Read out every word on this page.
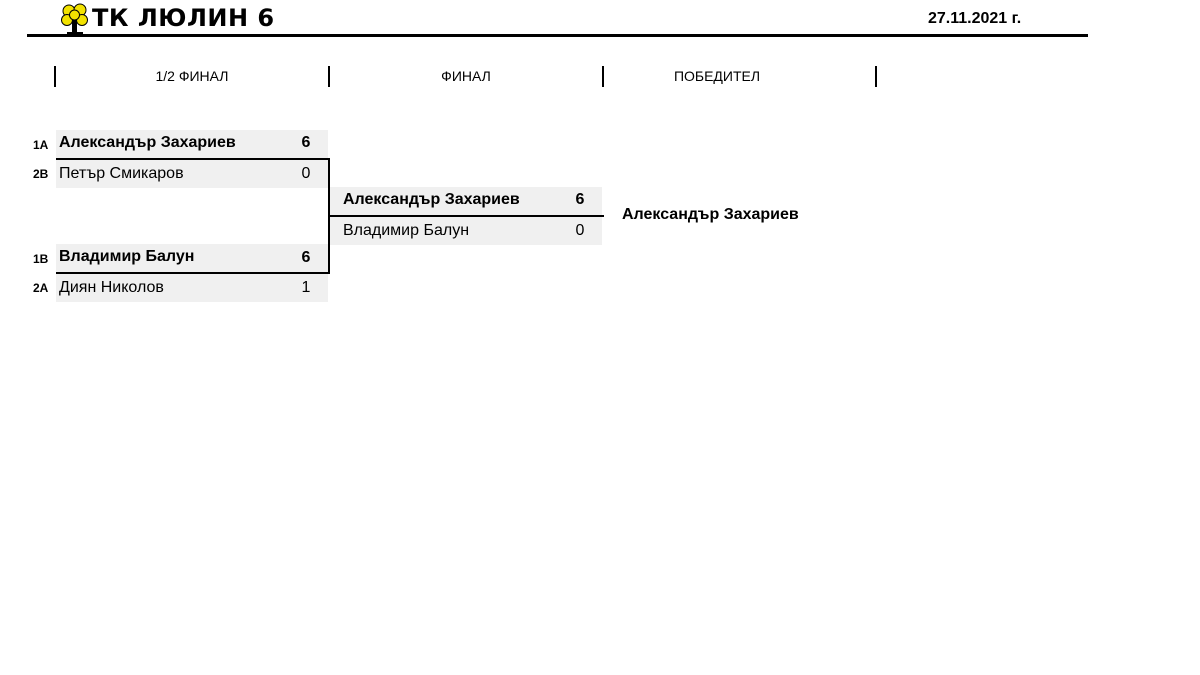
ТК ЛЮЛИН 6	27.11.2021 г.
1/2 ФИНАЛ	ФИНАЛ	ПОБЕДИТЕЛ
1A Александър Захариев	6
2B Петър Смикаров	0
1B Владимир Балун	6
2A Диян Николов	1
Александър Захариев	6
Владимир Балун	0
Александър Захариев
